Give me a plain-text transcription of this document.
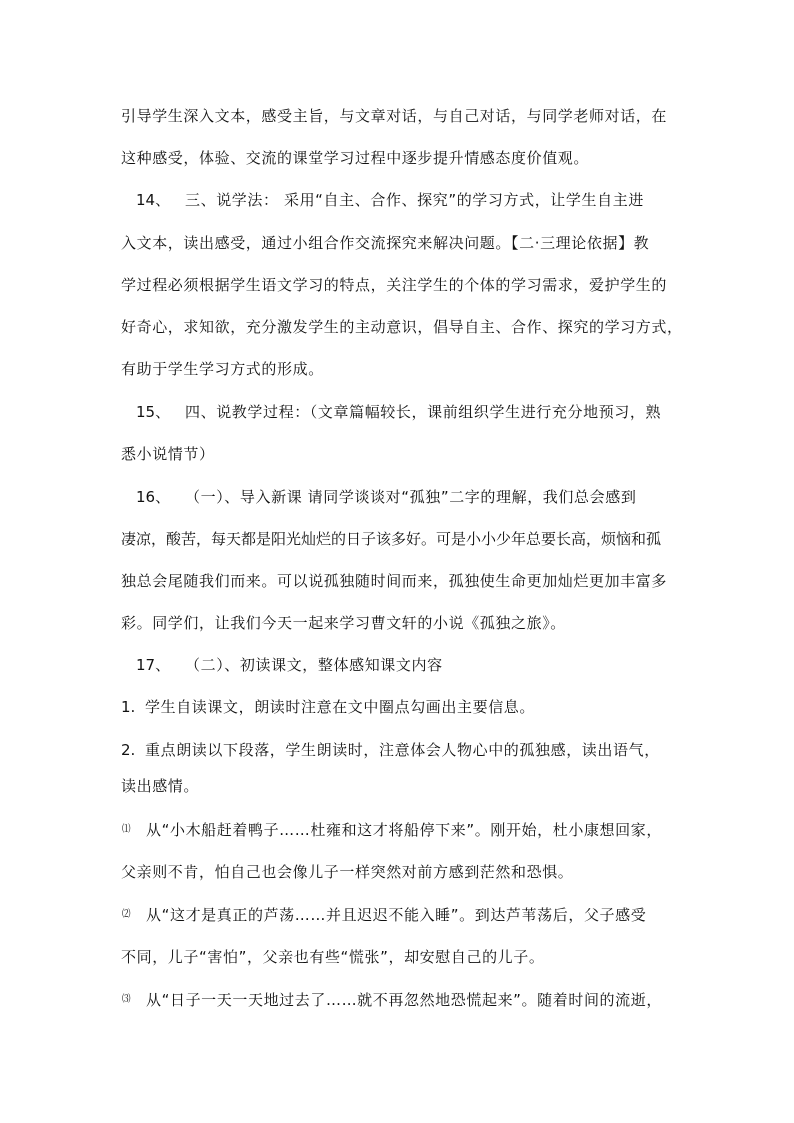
引导学生深入文本，感受主旨，与文章对话，与自己对话，与同学老师对话，在
这种感受，体验、交流的课堂学习过程中逐步提升情感态度价值观。
14、 三、说学法： 采用“自主、合作、探究”的学习方式，让学生自主进
入文本，读出感受，通过小组合作交流探究来解决问题。【二·三理论依据】教
学过程必须根据学生语文学习的特点，关注学生的个体的学习需求，爱护学生的
好奇心，求知欲，充分激发学生的主动意识，倡导自主、合作、探究的学习方式，
有助于学生学习方式的形成。
15、 四、说教学过程：（文章篇幅较长，课前组织学生进行充分地预习，熟
悉小说情节）
16、 （一）、导入新课 请同学谈谈对“孤独”二字的理解，我们总会感到
凄凉，酸苦，每天都是阳光灿烂的日子该多好。可是小小少年总要长高，烦恼和孤
独总会尾随我们而来。可以说孤独随时间而来，孤独使生命更加灿烂更加丰富多
彩。同学们，让我们今天一起来学习曹文轩的小说《孤独之旅》。
17、 （二）、初读课文，整体感知课文内容
1. 学生自读课文，朗读时注意在文中圈点勾画出主要信息。
2. 重点朗读以下段落，学生朗读时，注意体会人物心中的孤独感，读出语气，
读出感情。
⑴ 从“小木船赶着鸭子……杜雍和这才将船停下来”。刚开始，杜小康想回家，
父亲则不肯，怕自己也会像儿子一样突然对前方感到茫然和恐惧。
⑵ 从“这才是真正的芦荡……并且迟迟不能入睡”。到达芦苇荡后，父子感受
不同，儿子“害怕”，父亲也有些“慌张”，却安慰自己的儿子。
⑶ 从“日子一天一天地过去了……就不再忽然地恐慌起来”。随着时间的流逝，
